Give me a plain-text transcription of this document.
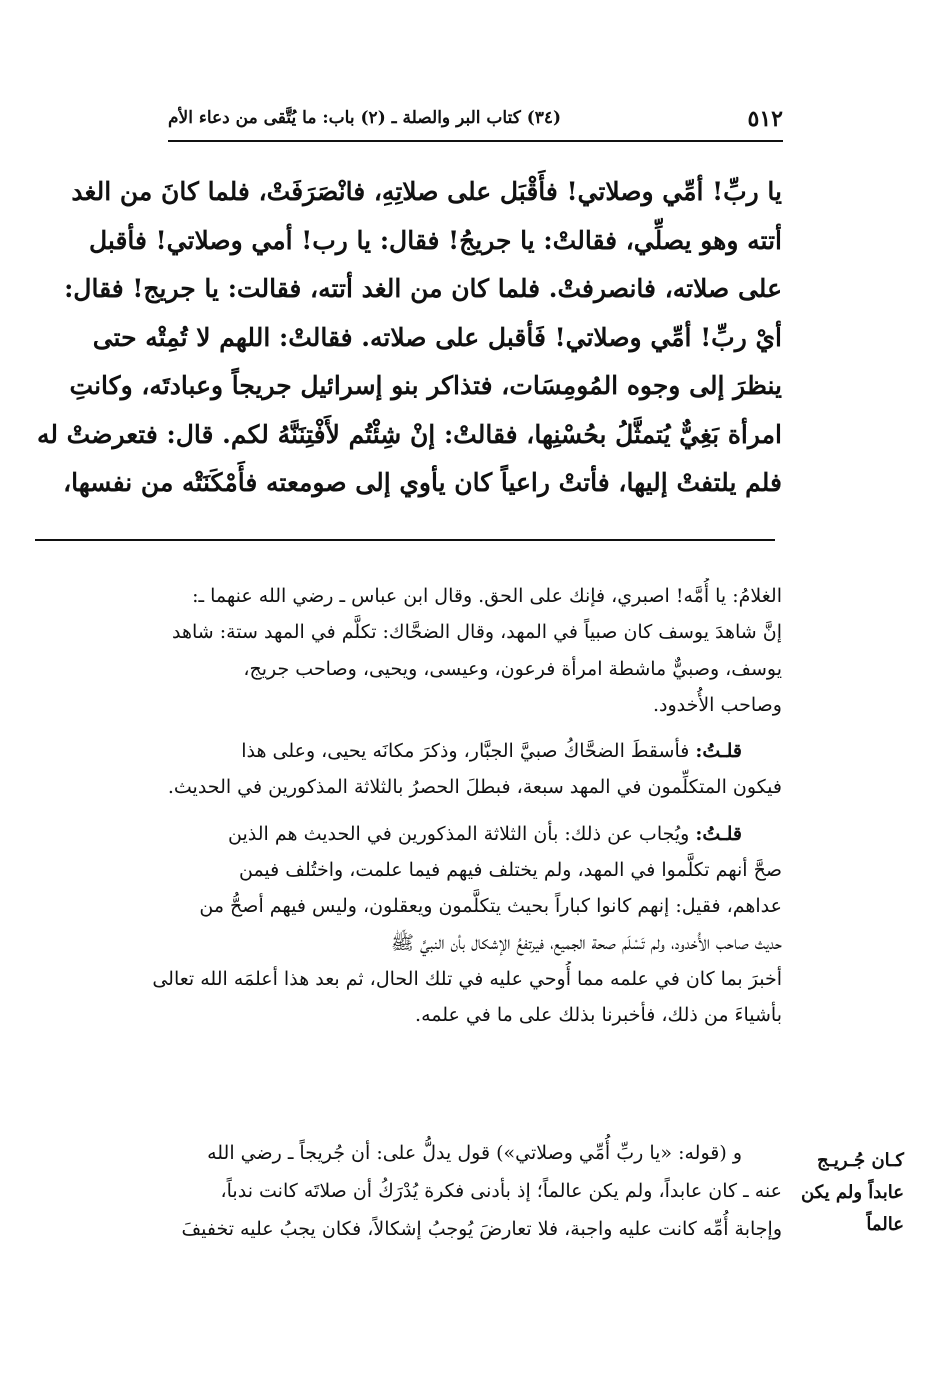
٥١٢
(٣٤) كتاب البر والصلة ـ (٢) باب: ما يُتَّقى من دعاء الأم
يا ربِّ! أمِّي وصلاتي! فأَقْبَل على صلاتِهِ، فانْصَرَفَتْ، فلما كانَ من الغد
أتته وهو يصلِّي، فقالتْ: يا جريجُ! فقال: يا رب! أمي وصلاتي! فأقبل
على صلاته، فانصرفتْ. فلما كان من الغد أتته، فقالت: يا جريج! فقال:
أيْ ربِّ! أمِّي وصلاتي! فَأقبل على صلاته. فقالتْ: اللهم لا تُمِتْه حتى
ينظرَ إلى وجوه المُومِسَات، فتذاكر بنو إسرائيل جريجاً وعبادتَه، وكانتِ
امرأة بَغِيٌّ يُتمثَّلُ بحُسْنِها، فقالتْ: إنْ شِئْتُم لأَفْتِنَنَّهُ لكم. قال: فتعرضتْ له
فلم يلتفتْ إليها، فأتتْ راعياً كان يأوي إلى صومعته فأَمْكَنَتْه من نفسها،
الغلامُ: يا أُمَّه! اصبري، فإنك على الحق. وقال ابن عباس ـ رضي الله عنهما ـ:
إنَّ شاهدَ يوسف كان صبياً في المهد، وقال الضحَّاك: تكلَّم في المهد ستة: شاهد
يوسف، وصبيٌّ ماشطة امرأة فرعون، وعيسى، ويحيى، وصاحب جريج،
وصاحب الأُخدود.
قلـتُ: فأسقطَ الضحَّاكُ صبيَّ الجبَّار، وذكرَ مكانَه يحيى، وعلى هذا
فيكون المتكلِّمون في المهد سبعة، فبطلَ الحصرُ بالثلاثة المذكورين في الحديث.
قلـتُ: ويُجاب عن ذلك: بأن الثلاثة المذكورين في الحديث هم الذين
صحَّ أنهم تكلَّموا في المهد، ولم يختلف فيهم فيما علمت، واختُلف فيمن
عداهم، فقيل: إنهم كانوا كباراً بحيث يتكلَّمون ويعقلون، وليس فيهم أصحُّ من
حديث صاحب الأُخدود، ولم تَسْلَم صحة الجميع، فيرتفعُ الإشكال بأن النبيَّ ﷺ
أخبرَ بما كان في علمه مما أُوحي عليه في تلك الحال، ثم بعد هذا أعلمَه الله تعالى
بأشياءَ من ذلك، فأخبرنا بذلك على ما في علمه.
كـان جُـريـج عابداً ولم يكن عالماً
و (قوله: «يا ربِّ أُمِّي وصلاتي») قول يدلُّ على: أن جُريجاً ـ رضي الله
عنه ـ كان عابداً، ولم يكن عالماً؛ إذ بأدنى فكرة يُدْرَكُ أن صلاتَه كانت ندباً،
وإجابة أُمِّه كانت عليه واجبة، فلا تعارضَ يُوجبُ إشكالاً، فكان يجبُ عليه تخفيفَ
